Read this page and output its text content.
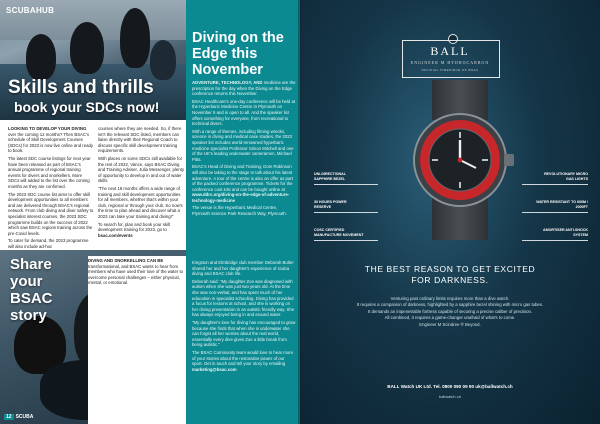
SCUBAHUB
Skills and thrills
book your SDCs now!

LOOKING TO DEVELOP YOUR DIVING over the coming 12 months? Then BSAC's schedule of Skill Development Courses (SDCs) for 2023 is now live online and ready to book.

The latest SDC course listings for next year have been released as part of BSAC's annual programme of regional training events for divers and snorkellers. More SDCs will added to the list over the coming months as they are confirmed.

The 2023 SDC course list aims to offer skill development opportunities to all members and are delivered through BSAC's regional network. From club diving and diver safety to specialist interest courses, the 2023 SDC programme builds on the success of 2022 which saw BSAC regions training across the pre-Covid levels.

To cater for demand, the 2023 programme will also include ad-hoc

courses where they are needed. So, if there isn't the relevant SDC listed, members can liaise directly with their Regional Coach to discuss specific skill development training requirements.

With places on some SDCs still available for the rest of 2022, Vance, says BSAC Diving and Training Adviser, Julia Messenger, plenty of opportunity to develop in and out of water skills.

"The next 18 months offers a wide range of training and skill development opportunities for all members, whether that's within your club, regional or through your club. So now's the time to plan ahead and discover what a 2023 can take your training and diving!"

To search for, plan and book your skill development training for 2023, go to bsac.com/events

Diving on the Edge this November

ADVENTURE, TECHNOLOGY, AND medicine are the prescription for the day when the Diving on the Edge conference returns this November.

BSAC Healthcare's one-day conference will be held at the Hyperbaric Medicine Centre in Plymouth on November 5 and is open to all. And the speaker list offers something for everyone, from recreational to technical divers.

With a range of themes, including filming wrecks, science in diving and medical case studies, the 2022 speaker list includes world-renowned hyperbaric medicine specialist Professor Simon Mitchell and one of the UK's leading underwater cameramen, Michael Pitts.

BSAC's Head of Diving and Training, Dom Robinson will also be taking to the stage to talk about his latest adventure. A tour of the centre is also on offer as part of the packed conference programme. Tickets for the conference cost £45 and can be bought online at www.ddrc.org/diving-on-the-edge-of-adventure-technology-medicine

The venue is the Hyperbaric Medical Centre, Plymouth Science Park Research Way, Plymouth.

Share your BSAC story

DIVING AND SNORKELLING CAN BE transformational, and BSAC wants to hear from members who have used their love of the water to overcome personal challenges – either physical, mental, or emotional.

Kingston and Elmbridge club member Deborah Butler shared her and her daughter's experience of scuba diving and BSAC club life.

Deborah said: "My daughter Zoe was diagnosed with autism when she was just two years old. At the time she was non-verbal, and has spent much of her education in specialist schooling. Diving has provided a focus for lessons at school, and she is working on her diving presentation in an autistic friendly way. She has always enjoyed being in and around water.

"My daughter's love for diving has encouraged to grow because she finds that when she is underwater she can forget all her worries about the real world, essentially every dive gives Zoe a little break from being autistic."

The BSAC Community team would love to hear more of your stories about the restorative power of our sport. Get in touch and tell your story by emailing marketing@bsac.com

12 SCUBA
BALL
ENGINEER M HYDROCARBON
OFFICIAL TIMEPIECE OF BSAC
UNI-DIRECTIONAL SAPPHIRE BEZEL
REVOLUTIONARY MICRO GAS LIGHTS
30 HOURS POWER RESERVE
WATER RESISTANT TO 600M / 2000FT
COSC CERTIFIED MANUFACTURE MOVEMENT
AMORTISER ANTI-SHOCK SYSTEM
THE BEST REASON TO GET EXCITED
FOR DARKNESS.
Venturing past ordinary limits requires more than a dive watch.
It requires a companion of darkness, highlighted by a sapphire bezel shining with micro gas tubes.
It demands an impenetrable fortress capable of securing a precise caliber of precision.
All combined, it requires a game-changer unafraid of what's to come.
Engineer M Scindree ® Beyond.
BALL Watch UK Ltd. Tel. 0800 090 09 90 uk@ballwatch.ch
ballwatch.ch
